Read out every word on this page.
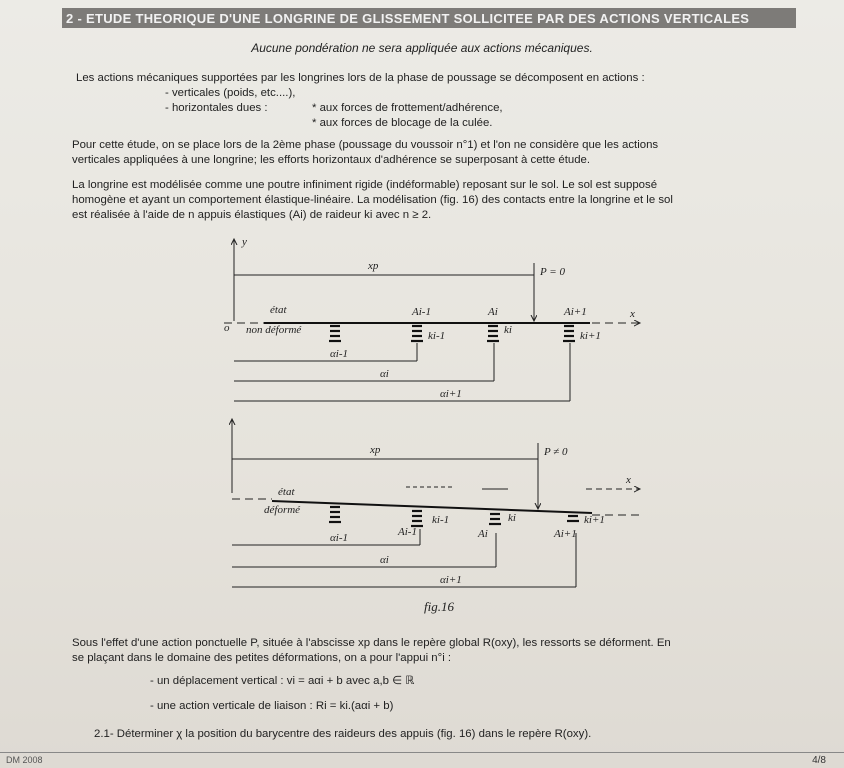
2 - ETUDE THEORIQUE D'UNE LONGRINE DE GLISSEMENT SOLLICITEE PAR DES ACTIONS VERTICALES
Aucune pondération ne sera appliquée aux actions mécaniques.
Les actions mécaniques supportées par les longrines lors de la phase de poussage se décomposent en actions :
- verticales (poids, etc....),
- horizontales dues :	* aux forces de frottement/adhérence,
* aux forces de blocage de la culée.
Pour cette étude, on se place lors de la 2ème phase (poussage du voussoir n°1) et l'on ne considère que les actions
verticales appliquées à une longrine; les efforts horizontaux d'adhérence se superposant à cette étude.
La longrine est modélisée comme une poutre infiniment rigide (indéformable) reposant sur le sol. Le sol est supposé
homogène et ayant un comportement élastique-linéaire. La modélisation (fig. 16) des contacts entre la longrine et le sol
est réalisée à l'aide de n appuis élastiques (Ai) de raideur ki avec n ≥ 2.
y
o
xp	P = 0
x
état
non déformé
Ai-1	Ai	Ai+1
ki-1	ki	ki+1
αi-1
αi
αi+1
xp	P ≠ 0
x
état
déformé
Ai-1	Ai	Ai+1
ki-1	ki	ki+1
αi-1
αi
αi+1
fig.16
Sous l'effet d'une action ponctuelle P, située à l'abscisse xp dans le repère global R(oxy), les ressorts se déforment. En
se plaçant dans le domaine des petites déformations, on a pour l'appui n°i :
- un déplacement vertical : vi = aαi + b avec a,b ∈ ℝ
- une action verticale de liaison : Ri = ki.(aαi + b)
2.1- Déterminer χ la position du barycentre des raideurs des appuis (fig. 16) dans le repère R(oxy).
DM 2008	4/8
